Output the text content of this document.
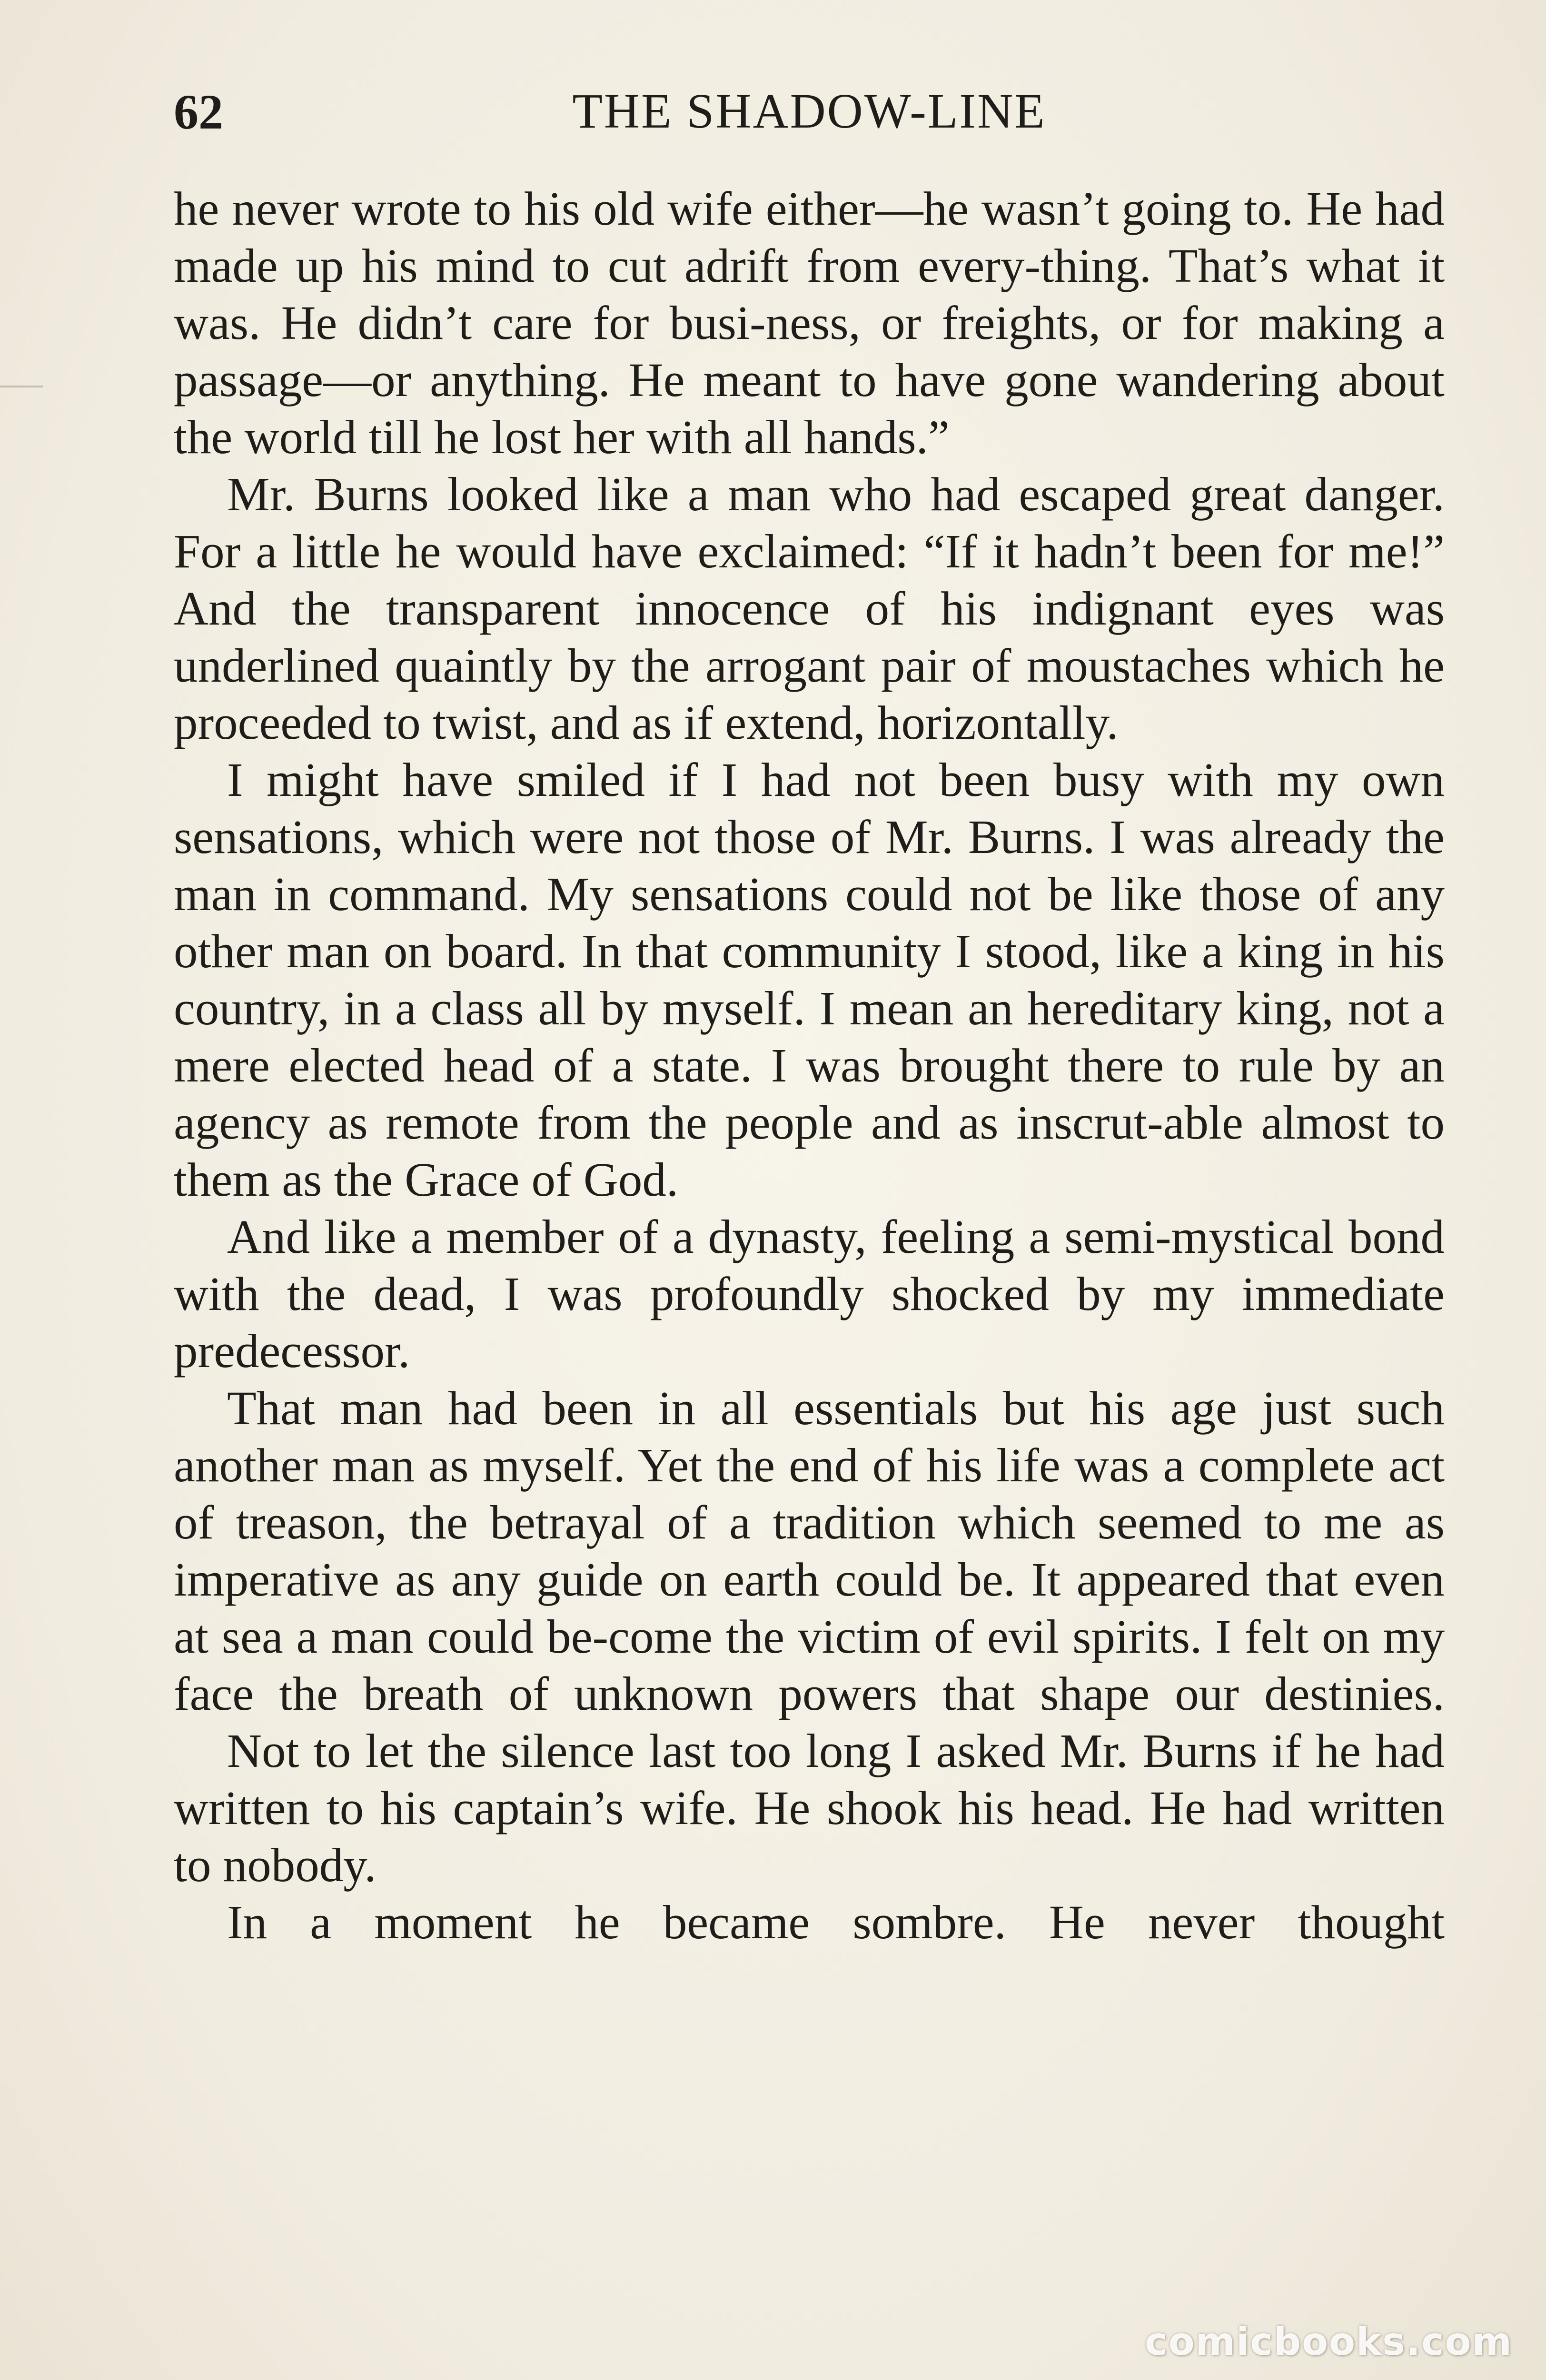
62	THE SHADOW-LINE

he never wrote to his old wife either—he wasn’t going to. He had made up his mind to cut adrift from every-thing. That’s what it was. He didn’t care for busi-ness, or freights, or for making a passage—or anything. He meant to have gone wandering about the world till he lost her with all hands.”

Mr. Burns looked like a man who had escaped great danger. For a little he would have exclaimed: “If it hadn’t been for me!” And the transparent innocence of his indignant eyes was underlined quaintly by the arrogant pair of moustaches which he proceeded to twist, and as if extend, horizontally.

I might have smiled if I had not been busy with my own sensations, which were not those of Mr. Burns. I was already the man in command. My sensations could not be like those of any other man on board. In that community I stood, like a king in his country, in a class all by myself. I mean an hereditary king, not a mere elected head of a state. I was brought there to rule by an agency as remote from the people and as inscrut-able almost to them as the Grace of God.

And like a member of a dynasty, feeling a semi-mystical bond with the dead, I was profoundly shocked by my immediate predecessor.

That man had been in all essentials but his age just such another man as myself. Yet the end of his life was a complete act of treason, the betrayal of a tradition which seemed to me as imperative as any guide on earth could be. It appeared that even at sea a man could be-come the victim of evil spirits. I felt on my face the breath of unknown powers that shape our destinies.

Not to let the silence last too long I asked Mr. Burns if he had written to his captain’s wife. He shook his head. He had written to nobody.

In a moment he became sombre. He never thought

comicbooks.com
